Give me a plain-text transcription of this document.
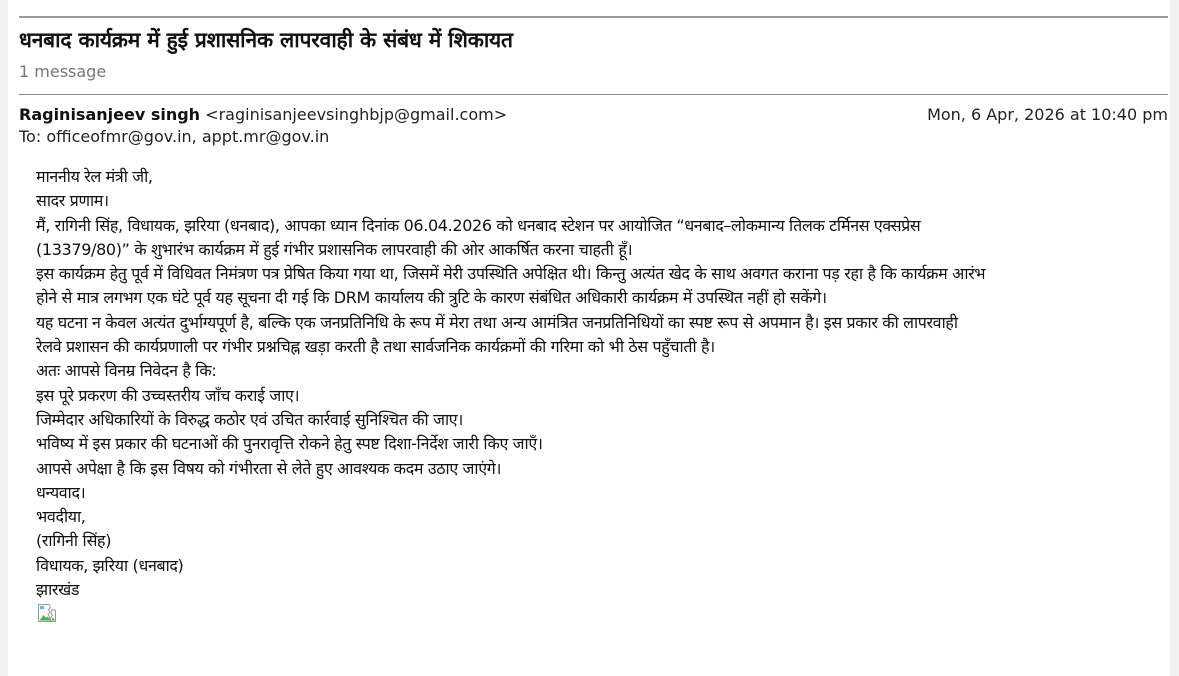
धनबाद कार्यक्रम में हुई प्रशासनिक लापरवाही के संबंध में शिकायत
1 message
Raginisanjeev singh <raginisanjeevsinghbjp@gmail.com>	Mon, 6 Apr, 2026 at 10:40 pm
To: officeofmr@gov.in, appt.mr@gov.in
माननीय रेल मंत्री जी,
सादर प्रणाम।
मैं, रागिनी सिंह, विधायक, झरिया (धनबाद), आपका ध्यान दिनांक 06.04.2026 को धनबाद स्टेशन पर आयोजित “धनबाद–लोकमान्य तिलक टर्मिनस एक्सप्रेस
(13379/80)” के शुभारंभ कार्यक्रम में हुई गंभीर प्रशासनिक लापरवाही की ओर आकर्षित करना चाहती हूँ।
इस कार्यक्रम हेतु पूर्व में विधिवत निमंत्रण पत्र प्रेषित किया गया था, जिसमें मेरी उपस्थिति अपेक्षित थी। किन्तु अत्यंत खेद के साथ अवगत कराना पड़ रहा है कि कार्यक्रम आरंभ
होने से मात्र लगभग एक घंटे पूर्व यह सूचना दी गई कि DRM कार्यालय की त्रुटि के कारण संबंधित अधिकारी कार्यक्रम में उपस्थित नहीं हो सकेंगे।
यह घटना न केवल अत्यंत दुर्भाग्यपूर्ण है, बल्कि एक जनप्रतिनिधि के रूप में मेरा तथा अन्य आमंत्रित जनप्रतिनिधियों का स्पष्ट रूप से अपमान है। इस प्रकार की लापरवाही
रेलवे प्रशासन की कार्यप्रणाली पर गंभीर प्रश्नचिह्न खड़ा करती है तथा सार्वजनिक कार्यक्रमों की गरिमा को भी ठेस पहुँचाती है।
अतः आपसे विनम्र निवेदन है कि:
इस पूरे प्रकरण की उच्चस्तरीय जाँच कराई जाए।
जिम्मेदार अधिकारियों के विरुद्ध कठोर एवं उचित कार्रवाई सुनिश्चित की जाए।
भविष्य में इस प्रकार की घटनाओं की पुनरावृत्ति रोकने हेतु स्पष्ट दिशा-निर्देश जारी किए जाएँ।
आपसे अपेक्षा है कि इस विषय को गंभीरता से लेते हुए आवश्यक कदम उठाए जाएंगे।
धन्यवाद।
भवदीया,
(रागिनी सिंह)
विधायक, झरिया (धनबाद)
झारखंड
